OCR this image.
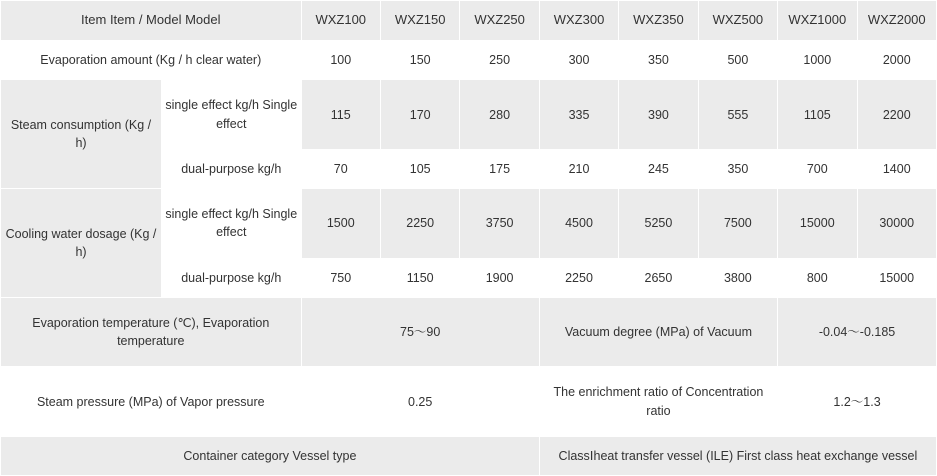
Item Item / Model Model		WXZ100	WXZ150	WXZ250	WXZ300	WXZ350	WXZ500	WXZ1000	WXZ2000
Evaporation amount (Kg / h clear water)		100	150	250	300	350	500	1000	2000
Steam consumption (Kg / h)	single effect kg/h Single effect	115	170	280	335	390	555	1105	2200
	dual-purpose kg/h	70	105	175	210	245	350	700	1400
Cooling water dosage (Kg / h)	single effect kg/h Single effect	1500	2250	3750	4500	5250	7500	15000	30000
	dual-purpose kg/h	750	1150	1900	2250	2650	3800	800	15000
Evaporation temperature (℃), Evaporation temperature		75～90			Vacuum degree (MPa) of Vacuum			-0.04～-0.185	
Steam pressure (MPa) of Vapor pressure		0.25			The enrichment ratio of Concentration ratio			1.2～1.3	
Container category Vessel type					ClassⅠheat transfer vessel (ILE) First class heat exchange vessel				
